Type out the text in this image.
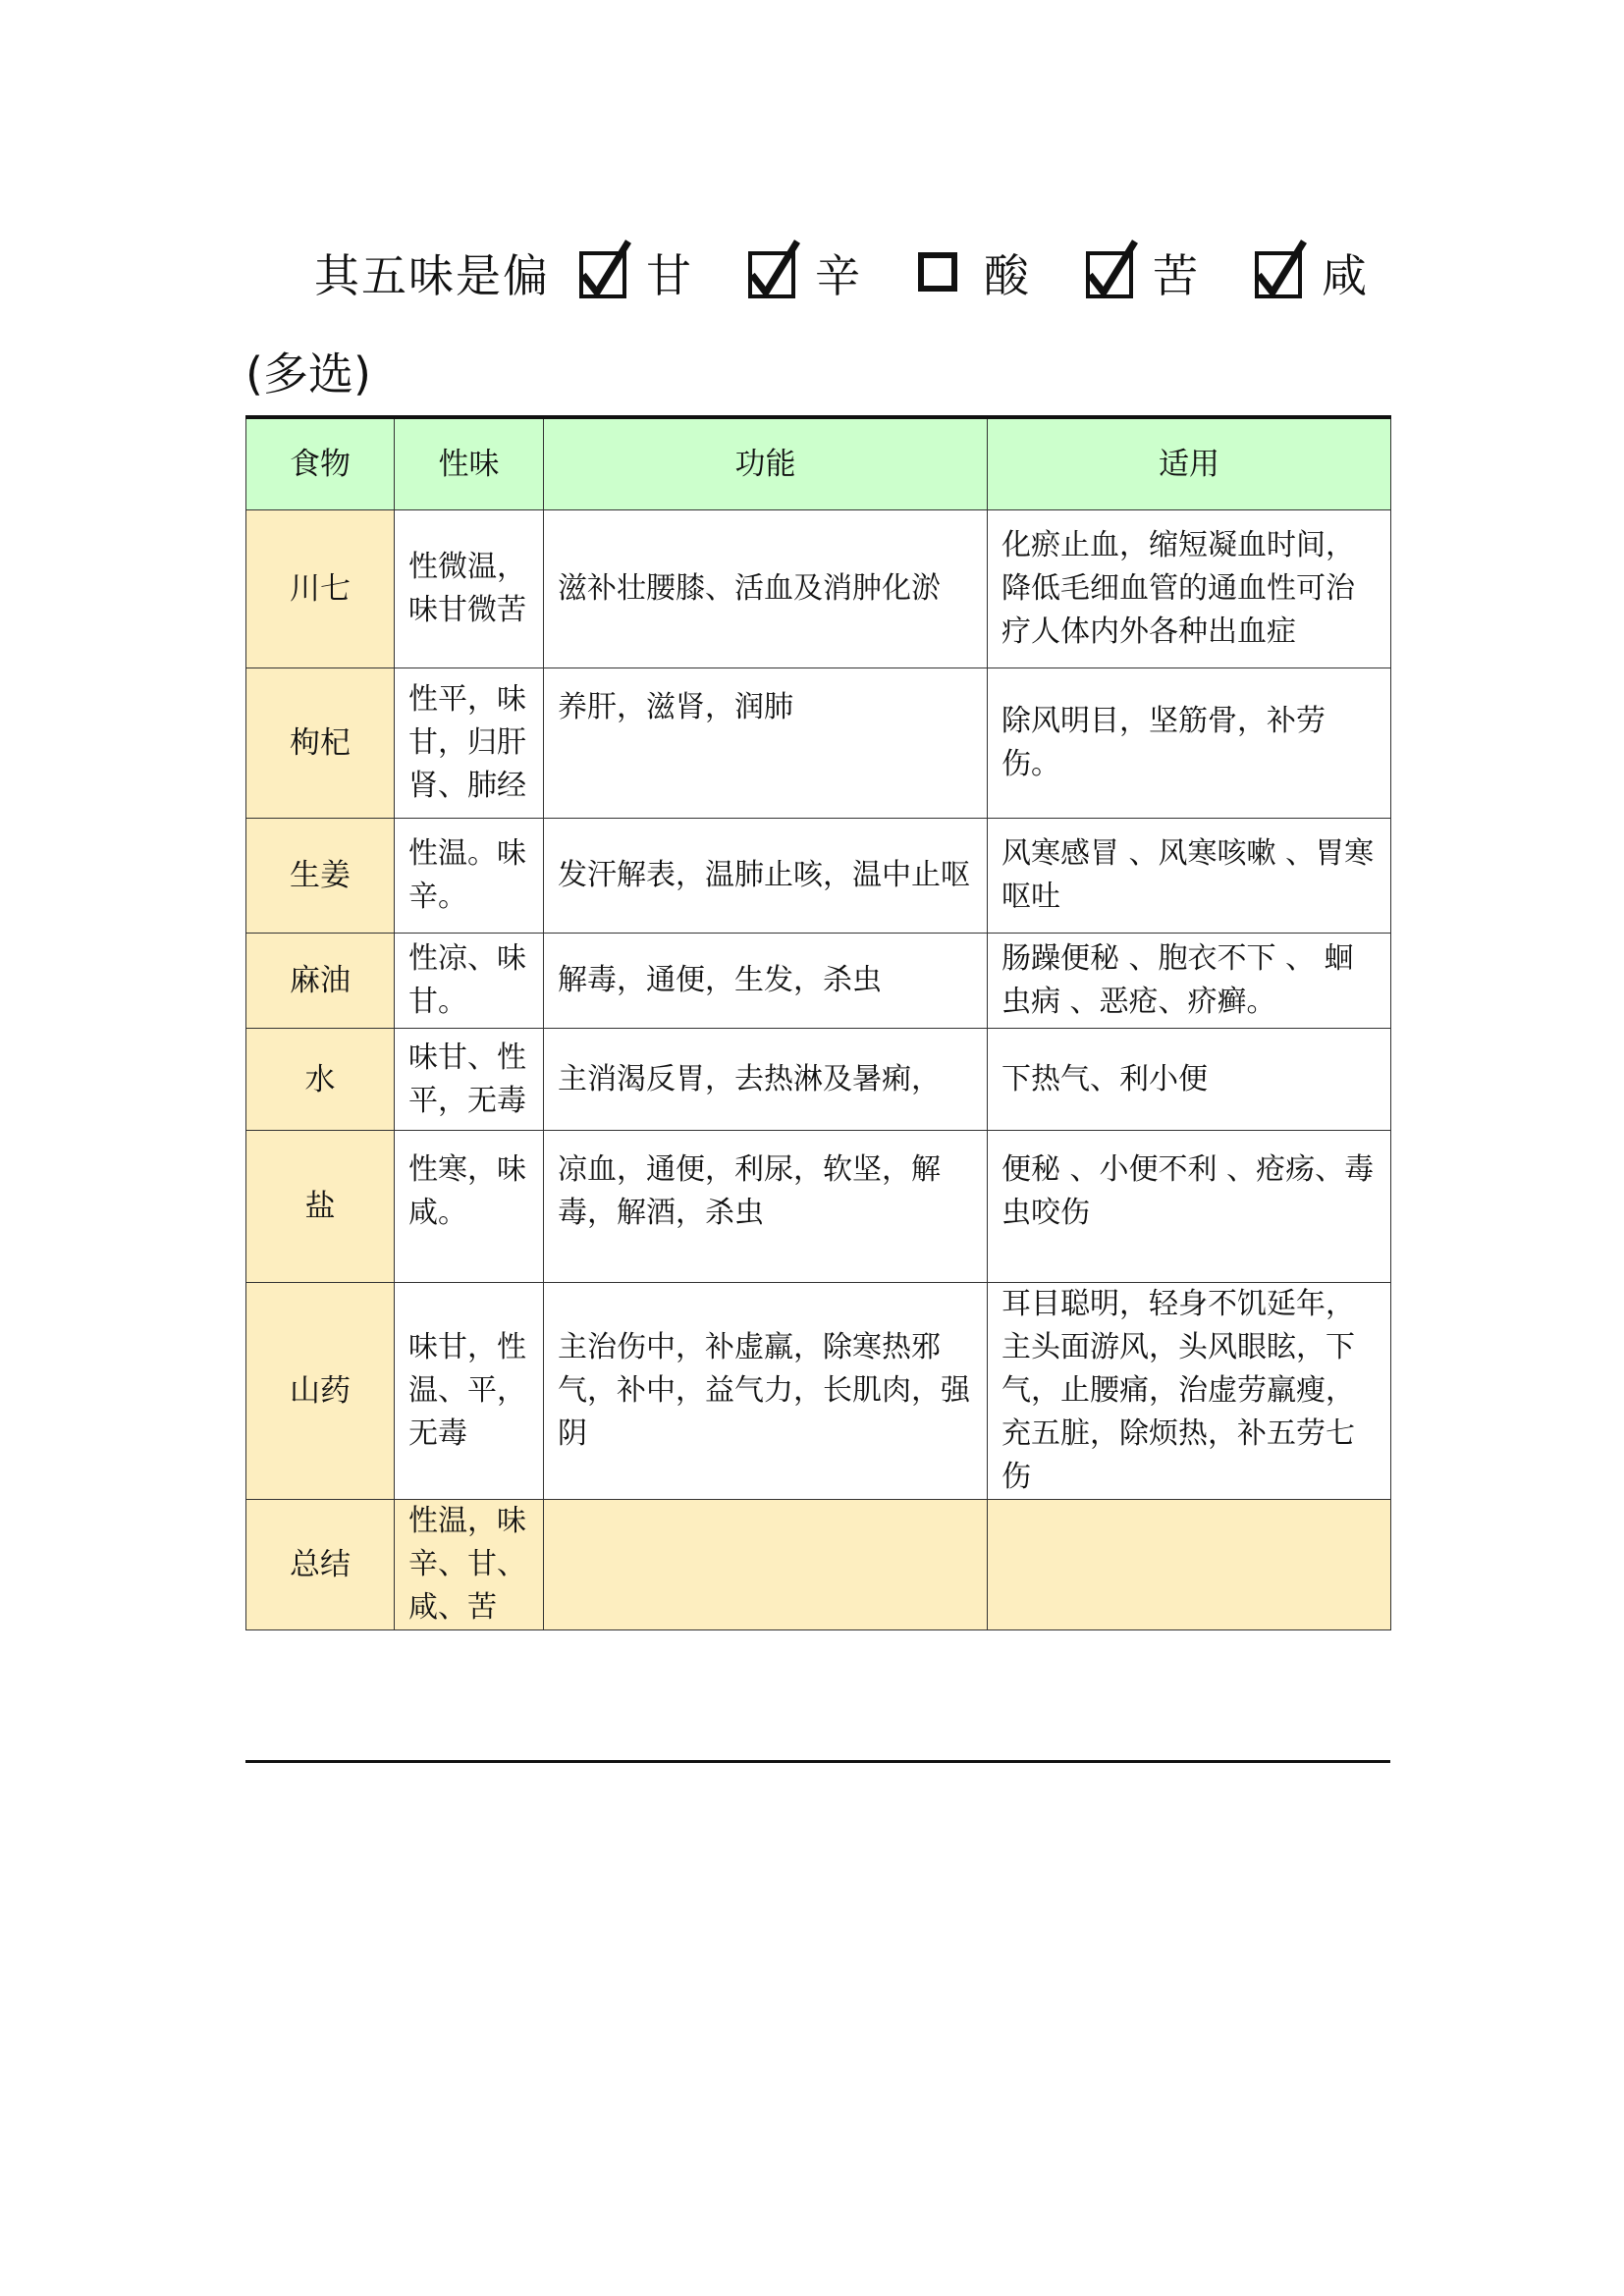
其五味是偏 甘	辛	酸	苦	咸
(多选)
食物	性味	功能	适用
川七	性微温，味甘微苦	滋补壮腰膝、活血及消肿化淤	化瘀止血，缩短凝血时间，降低毛细血管的通血性可治疗人体内外各种出血症
枸杞	性平，味甘，归肝肾、肺经	养肝，滋肾，润肺	除风明目，坚筋骨，补劳伤。
生姜	性温。味辛。	发汗解表，温肺止咳，温中止呕	风寒感冒 、风寒咳嗽 、胃寒呕吐
麻油	性凉、味甘。	解毒，通便，生发，杀虫	肠躁便秘 、胞衣不下 、 蛔虫病 、恶疮、疥癣。
水	味甘、性平，无毒	主消渴反胃，去热淋及暑痢，	下热气、利小便
盐	性寒，味咸。	凉血，通便，利尿，软坚，解毒，解酒，杀虫	便秘 、小便不利 、疮疡、毒虫咬伤
山药	味甘，性温、平，无毒	主治伤中，补虚羸，除寒热邪气，补中，益气力，长肌肉，强阴	耳目聪明，轻身不饥延年，主头面游风，头风眼眩，下气，止腰痛，治虚劳羸瘦，充五脏，除烦热，补五劳七伤
总结	性温，味辛、甘、咸、苦		
